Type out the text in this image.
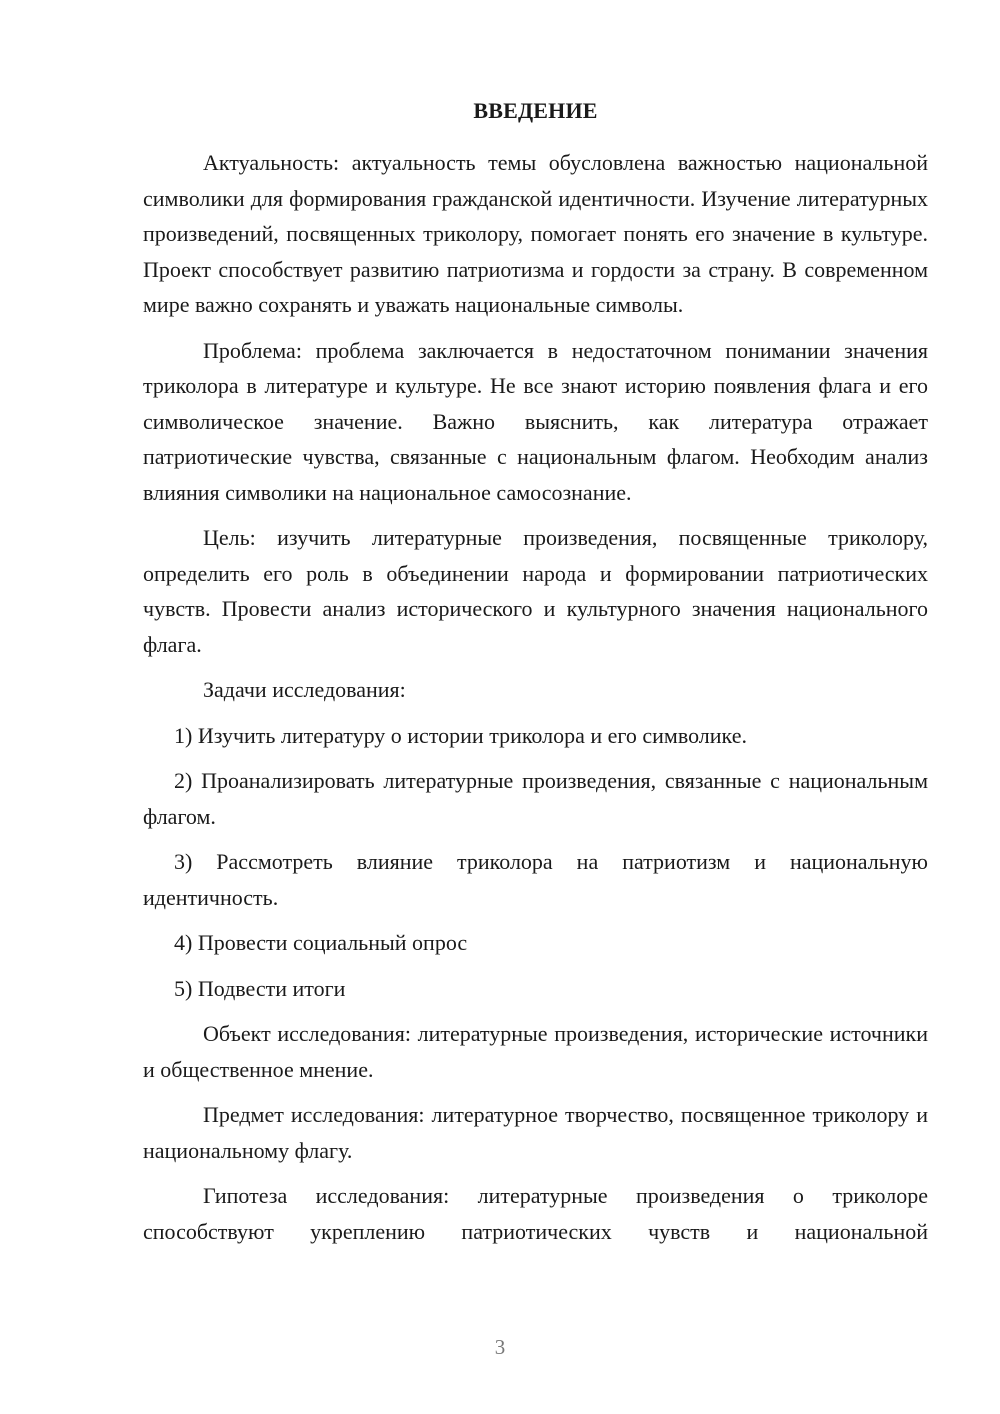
ВВЕДЕНИЕ

Актуальность: актуальность темы обусловлена важностью национальной символики для формирования гражданской идентичности. Изучение литературных произведений, посвященных триколору, помогает понять его значение в культуре. Проект способствует развитию патриотизма и гордости за страну. В современном мире важно сохранять и уважать национальные символы.

Проблема: проблема заключается в недостаточном понимании значения триколора в литературе и культуре. Не все знают историю появления флага и его символическое значение. Важно выяснить, как литература отражает патриотические чувства, связанные с национальным флагом. Необходим анализ влияния символики на национальное самосознание.

Цель: изучить литературные произведения, посвященные триколору, определить его роль в объединении народа и формировании патриотических чувств. Провести анализ исторического и культурного значения национального флага.

Задачи исследования:

1) Изучить литературу о истории триколора и его символике.

2) Проанализировать литературные произведения, связанные с национальным флагом.

3) Рассмотреть влияние триколора на патриотизм и национальную идентичность.

4) Провести социальный опрос

5) Подвести итоги

Объект исследования: литературные произведения, исторические источники и общественное мнение.

Предмет исследования: литературное творчество, посвященное триколору и национальному флагу.

Гипотеза исследования: литературные произведения о триколоре способствуют укреплению патриотических чувств и национальной

3
